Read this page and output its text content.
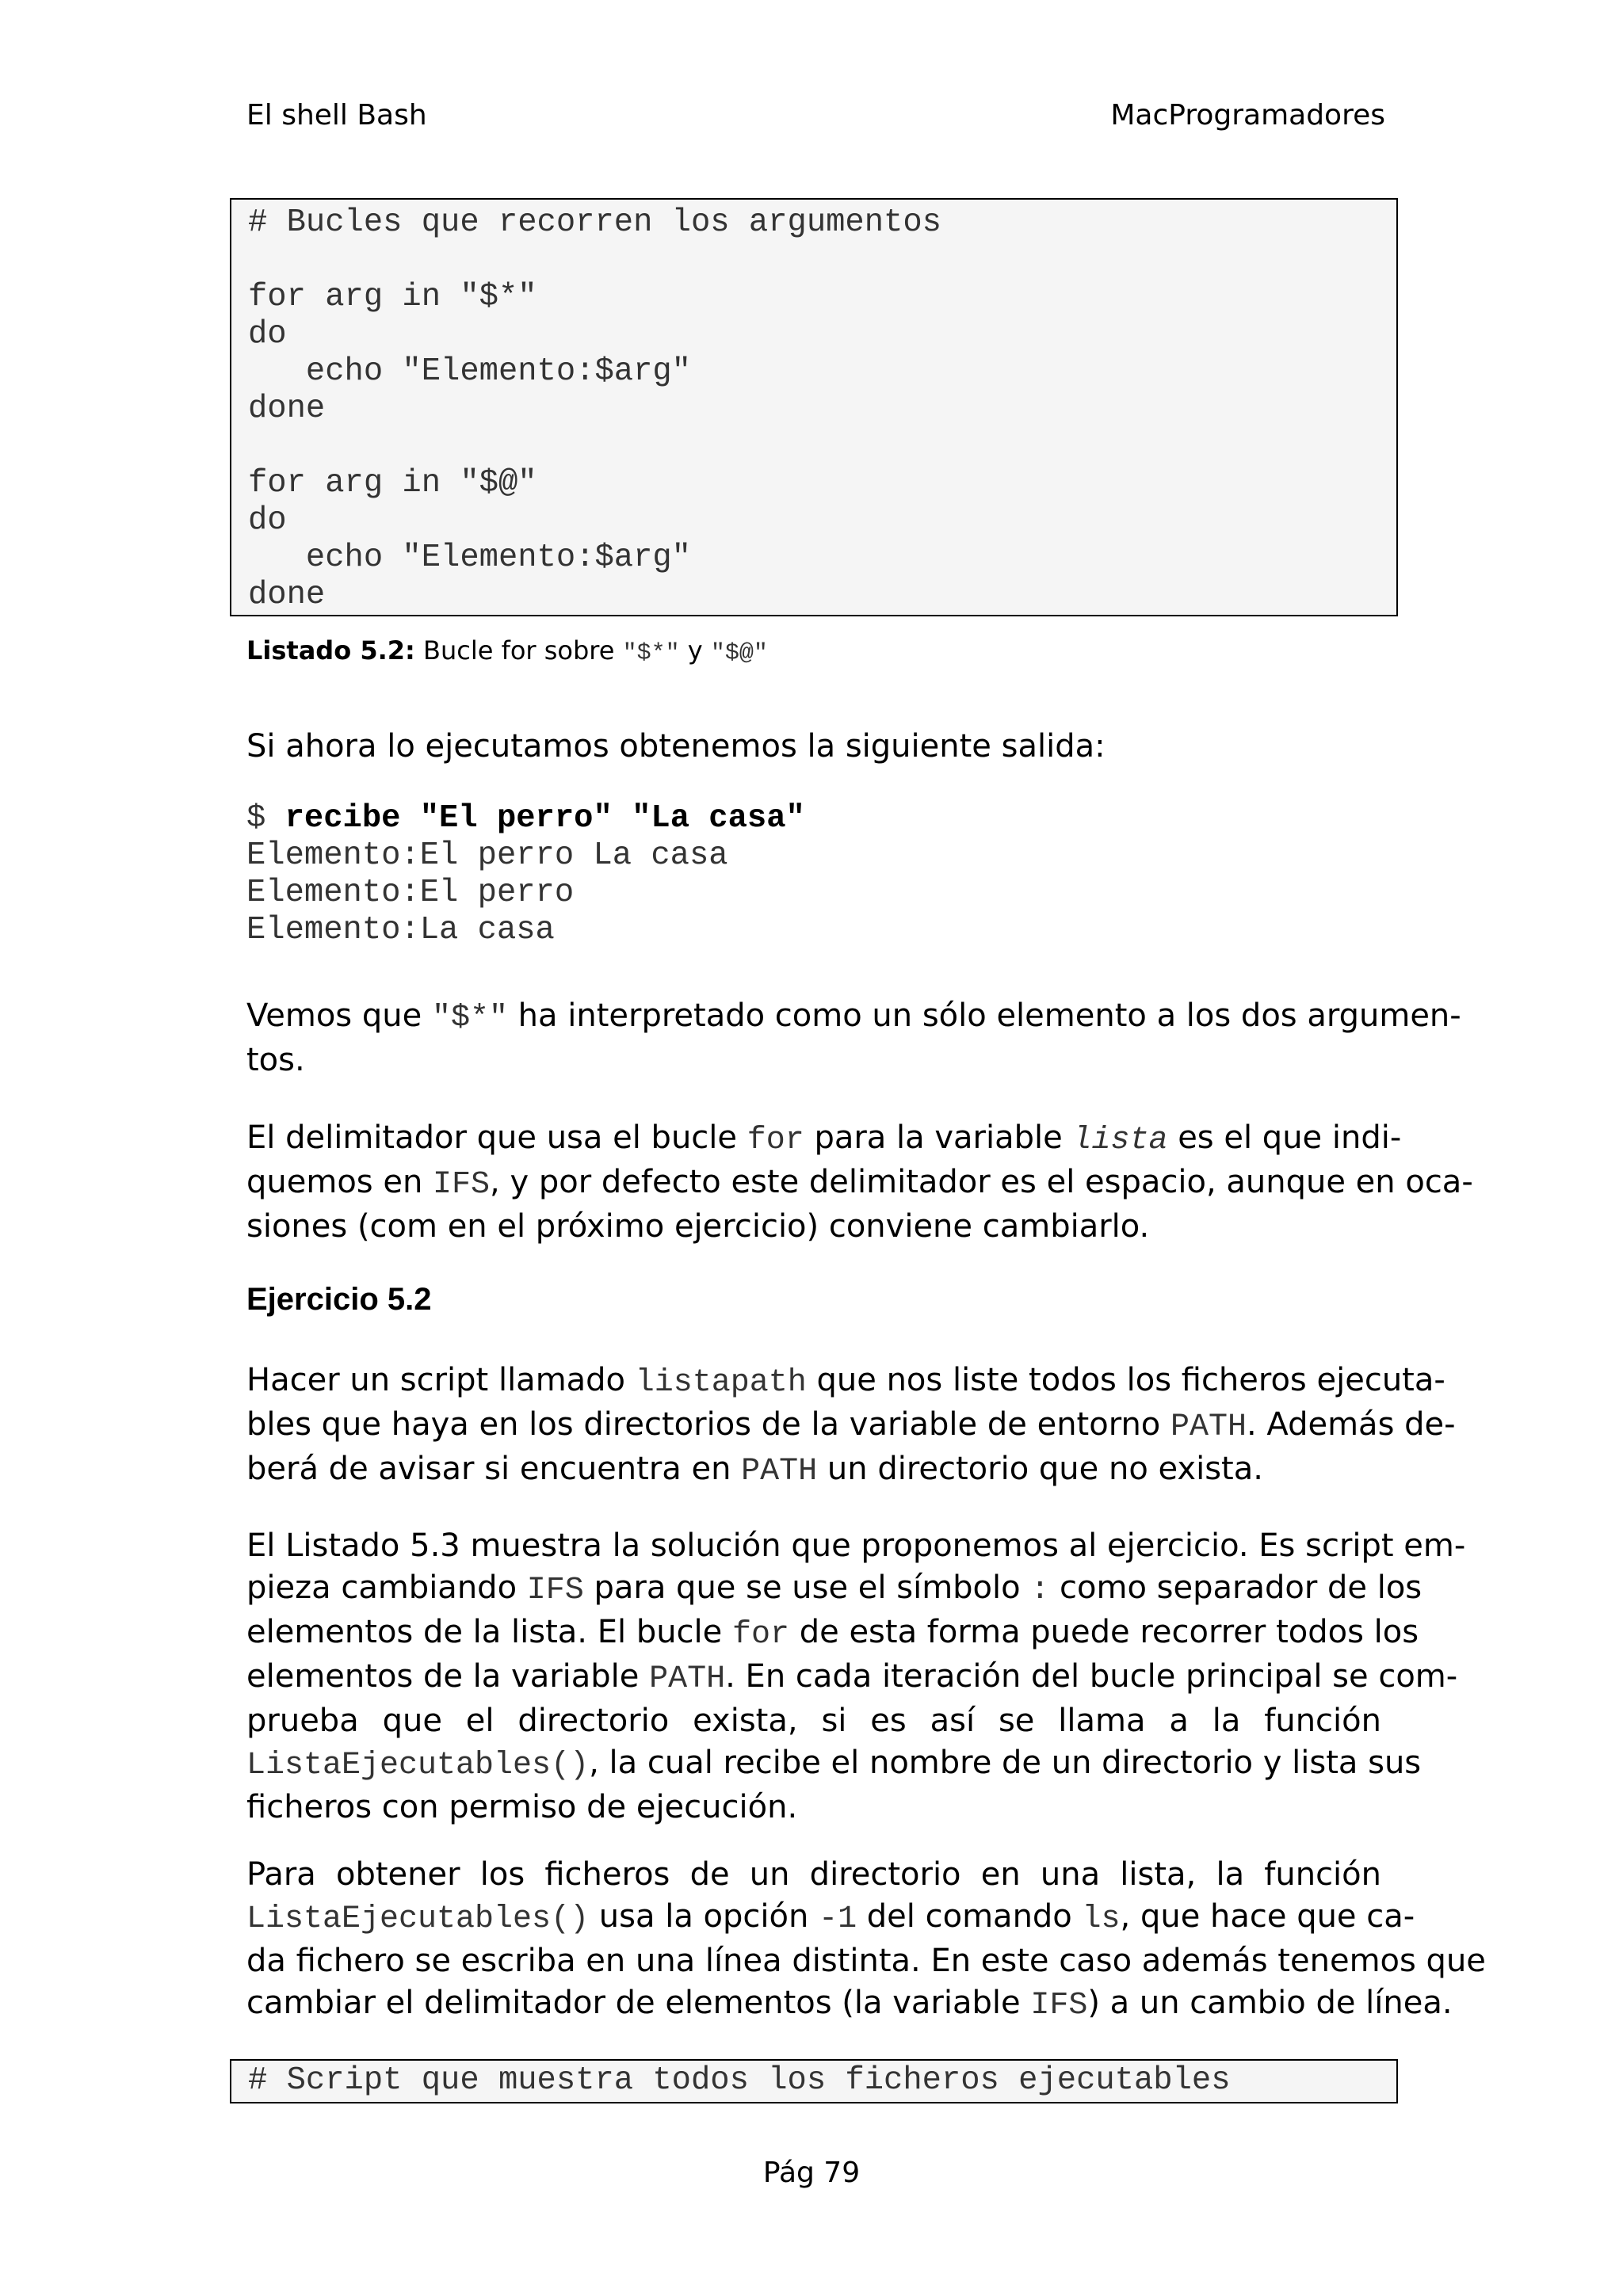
El shell Bash	MacProgramadores
# Bucles que recorren los argumentos

for arg in "$*"
do
echo "Elemento:$arg"
done

for arg in "$@"
do
echo "Elemento:$arg"
done
Listado 5.2: Bucle for sobre "$*" y "$@"
Si ahora lo ejecutamos obtenemos la siguiente salida:
$ recibe "El perro" "La casa"
Elemento:El perro La casa
Elemento:El perro
Elemento:La casa
Vemos que "$*" ha interpretado como un sólo elemento a los dos argumen-
tos.
El delimitador que usa el bucle for para la variable lista es el que indi-
quemos en IFS, y por defecto este delimitador es el espacio, aunque en oca-
siones (com en el próximo ejercicio) conviene cambiarlo.
Ejercicio 5.2
Hacer un script llamado listapath que nos liste todos los ficheros ejecuta-
bles que haya en los directorios de la variable de entorno PATH. Además de-
berá de avisar si encuentra en PATH un directorio que no exista.
El Listado 5.3 muestra la solución que proponemos al ejercicio. Es script em-
pieza cambiando IFS para que se use el símbolo : como separador de los
elementos de la lista. El bucle for de esta forma puede recorrer todos los
elementos de la variable PATH. En cada iteración del bucle principal se com-
prueba que el directorio exista, si es así se llama a la función
ListaEjecutables(), la cual recibe el nombre de un directorio y lista sus
ficheros con permiso de ejecución.
Para obtener los ficheros de un directorio en una lista, la función
ListaEjecutables() usa la opción -1 del comando ls, que hace que ca-
da fichero se escriba en una línea distinta. En este caso además tenemos que
cambiar el delimitador de elementos (la variable IFS) a un cambio de línea.
# Script que muestra todos los ficheros ejecutables
Pág 79
